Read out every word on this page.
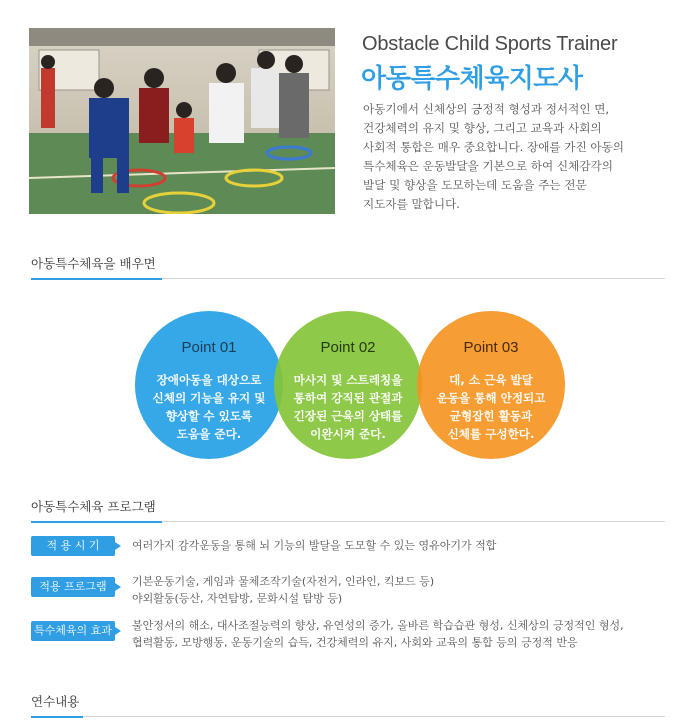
Obstacle Child Sports Trainer
아동특수체육지도사
아동기에서 신체상의 긍정적 형성과 정서적인 면,
건강체력의 유지 및 향상, 그리고 교육과 사회의
사회적 통합은 매우 중요합니다. 장애를 가진 아동의
특수체육은 운동발달을 기본으로 하여 신체감각의
발달 및 향상을 도모하는데 도움을 주는 전문
지도자를 말합니다.
아동특수체육을 배우면
Point 01
장애아동을 대상으로
신체의 기능을 유지 및
향상할 수 있도록
도움을 준다.
Point 02
마사지 및 스트레칭을
통하여 강직된 관절과
긴장된 근육의 상태를
이완시켜 준다.
Point 03
대, 소 근육 발달
운동을 통해 안정되고
균형잡힌 활동과
신체를 구성한다.
아동특수체육 프로그램
적 용 시 기	여러가지 감각운동을 통해 뇌 기능의 발달을 도모할 수 있는 영유아기가 적합
적용 프로그램	기본운동기술, 게임과 물체조작기술(자전거, 인라인, 킥보드 등)
야외활동(등산, 자연탐방, 문화시설 탐방 등)
특수체육의 효과 불안정서의 해소, 대사조절능력의 향상, 유연성의 증가, 올바른 학습습관 형성, 신체상의 긍정적인 형성,
협력활동, 모방행동, 운동기술의 습득, 건강체력의 유지, 사회와 교육의 통합 등의 긍정적 반응
연수내용
